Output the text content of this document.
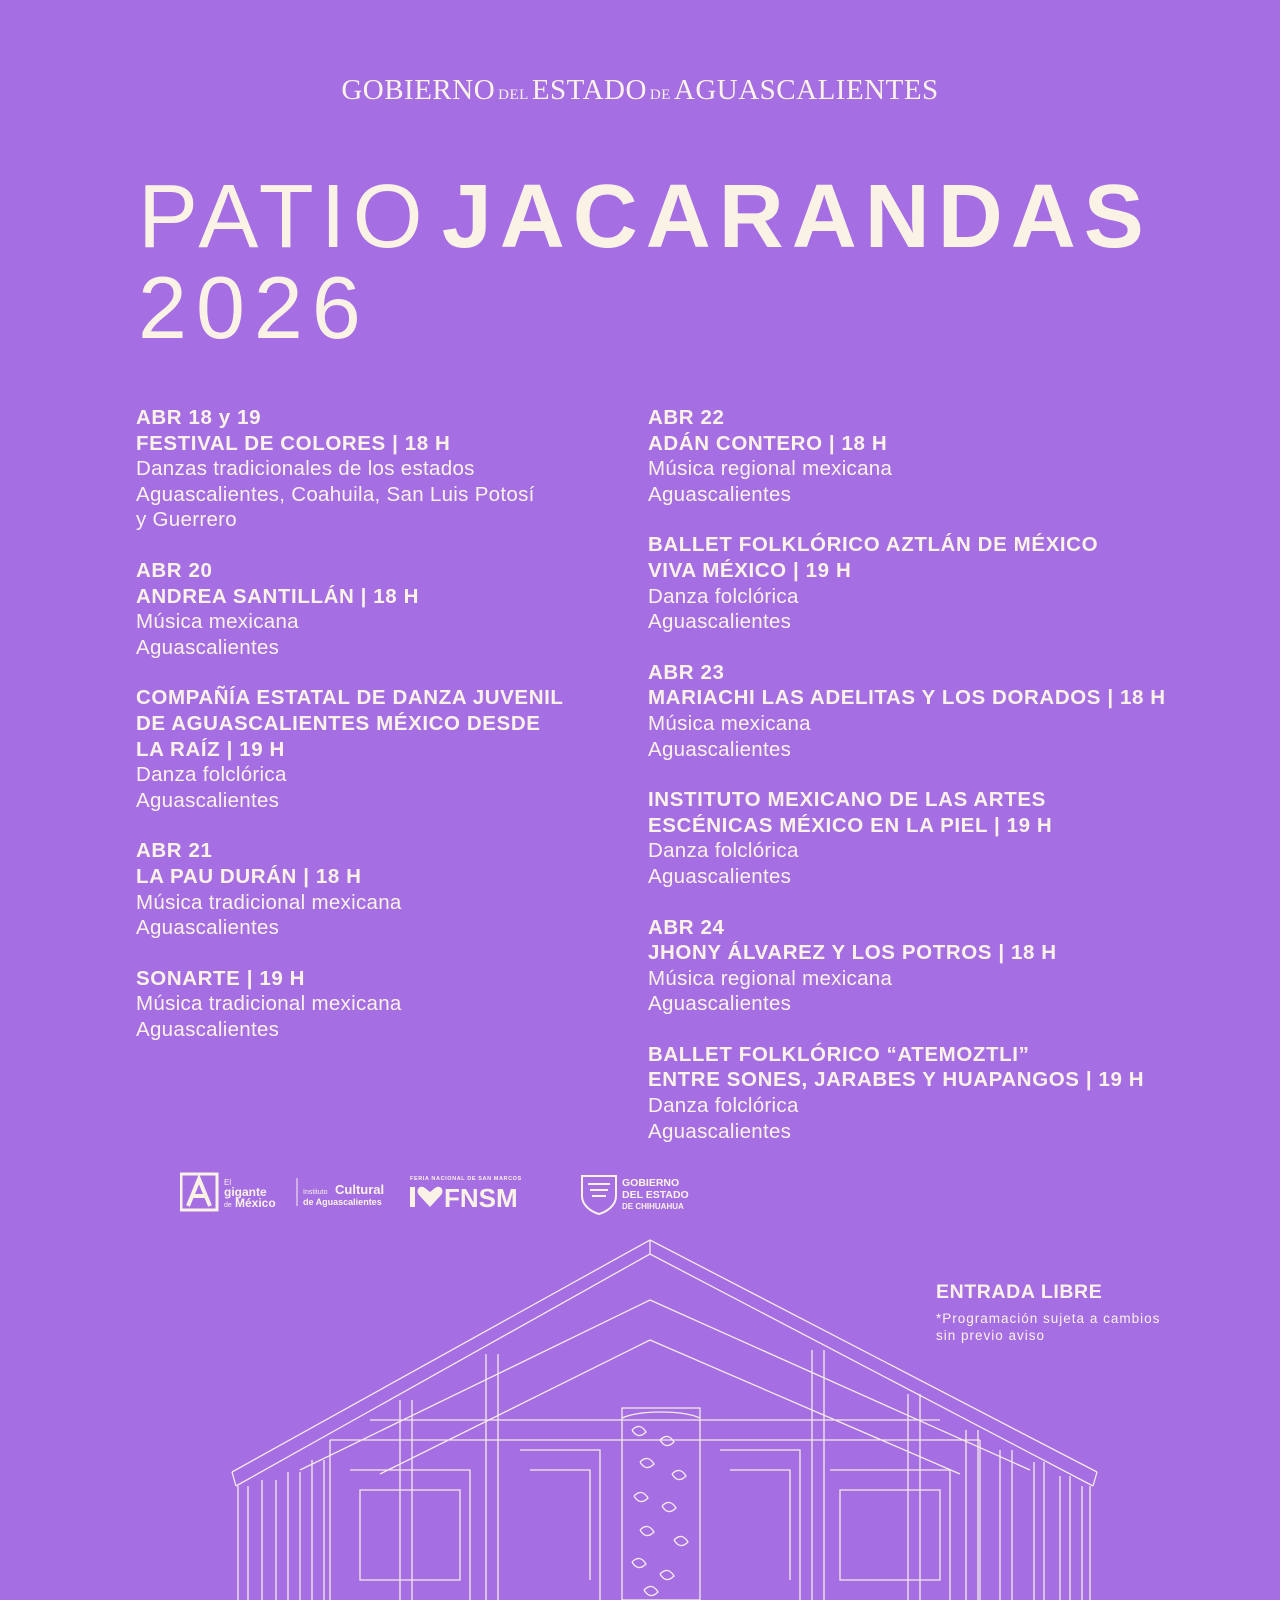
GOBIERNO DEL ESTADO DE AGUASCALIENTES
PATIO JACARANDAS
2026
ABR 18 y 19
FESTIVAL DE COLORES | 18 H
Danzas tradicionales de los estados
Aguascalientes, Coahuila, San Luis Potosí
y Guerrero
ABR 20
ANDREA SANTILLÁN | 18 H
Música mexicana
Aguascalientes
COMPAÑÍA ESTATAL DE DANZA JUVENIL
DE AGUASCALIENTES MÉXICO DESDE
LA RAÍZ | 19 H
Danza folclórica
Aguascalientes
ABR 21
LA PAU DURÁN | 18 H
Música tradicional mexicana
Aguascalientes
SONARTE | 19 H
Música tradicional mexicana
Aguascalientes
ABR 22
ADÁN CONTERO | 18 H
Música regional mexicana
Aguascalientes
BALLET FOLKLÓRICO AZTLÁN DE MÉXICO
VIVA MÉXICO | 19 H
Danza folclórica
Aguascalientes
ABR 23
MARIACHI LAS ADELITAS Y LOS DORADOS | 18 H
Música mexicana
Aguascalientes
INSTITUTO MEXICANO DE LAS ARTES
ESCÉNICAS MÉXICO EN LA PIEL | 19 H
Danza folclórica
Aguascalientes
ABR 24
JHONY ÁLVAREZ Y LOS POTROS | 18 H
Música regional mexicana
Aguascalientes
BALLET FOLKLÓRICO “ATEMOZTLI”
ENTRE SONES, JARABES Y HUAPANGOS | 19 H
Danza folclórica
Aguascalientes
El
gigante
de México
Instituto Cultural
de Aguascalientes
FERIA NACIONAL DE SAN MARCOS
FNSM	GOBIERNO
DEL ESTADO
DE CHIHUAHUA
ENTRADA LIBRE
*Programación sujeta a cambios
sin previo aviso
